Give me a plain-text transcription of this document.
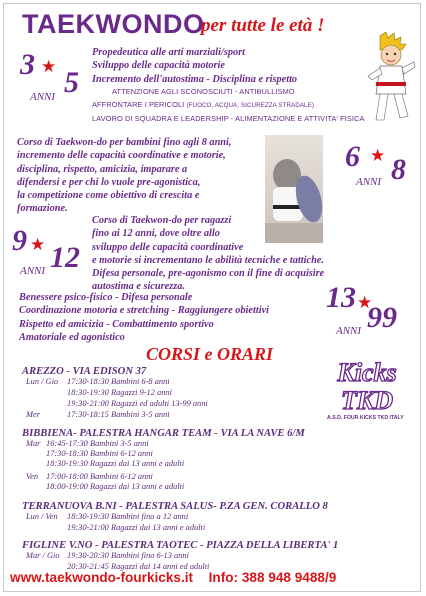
TAEKWONDO
per tutte le età !
3 ★ 5
ANNI
Propedeutica alle arti marziali/sport
Sviluppo delle capacità motorie
Incremento dell'autostima - Disciplina e rispetto
ATTENZIONE AGLI SCONOSCIUTI - ANTIBULLISMO
AFFRONTARE I PERICOLI (FUOCO, ACQUA, SICUREZZA STRADALE)
LAVORO DI SQUADRA E LEADERSHIP - ALIMENTAZIONE E ATTIVITA' FISICA
Corso di Taekwon-do per bambini fino agli 8 anni,
incremento delle capacità coordinative e motorie,
disciplina, rispetto, amicizia, imparare a
difendersi e per chi lo vuole pre-agonistica,
la competizione come obiettivo di crescita e
formazione.
6 ★ 8
ANNI
9 ★ 12
ANNI
Corso di Taekwon-do per ragazzi
fino ai 12 anni, dove oltre allo
sviluppo delle capacità coordinative
e motorie si incrementano le abilità tecniche e tattiche.
Difesa personale, pre-agonismo con il fine di acquisire
autostima e sicurezza.
Benessere psico-fisico - Difesa personale
Coordinazione motoria e stretching - Raggiungere obiettivi
Rispetto ed amicizia - Combattimento sportivo
Amatoriale ed agonistico
13 ★
99
ANNI
CORSI e ORARI
Kicks
TKD
A.S.D. FOUR KICKS TKD ITALY
AREZZO - VIA EDISON 37
Lun / Gio 17:30-18:30 Bambini 6-8 anni
18:30-19:30 Ragazzi 9-12 anni
19:30-21:00 Ragazzi ed adulti 13-99 anni
Mer	17:30-18:15 Bambini 3-5 anni
BIBBIENA- PALESTRA HANGAR TEAM - VIA LA NAVE 6/M
Mar 16:45-17:30 Bambini 3-5 anni
17:30-18:30 Bambini 6-12 anni
18:30-19:30 Ragazzi dai 13 anni e adulti
Ven 17:00-18:00 Bambini 6-12 anni
18:00-19:00 Ragazzi dai 13 anni e adulti
TERRANUOVA B.NI - PALESTRA SALUS- P.ZA GEN. CORALLO 8
Lun / Ven 18:30-19:30 Bambini fino a 12 anni
19:30-21:00 Ragazzi dai 13 anni e adulti
FIGLINE V.NO - PALESTRA TAOTEC - PIAZZA DELLA LIBERTA' 1
Mar / Gio 19:30-20:30 Bambini fino 6-13 anni
20:30-21:45 Ragazzi dai 14 anni ed adulti
www.taekwondo-fourkicks.it Info: 388 948 9488/9
